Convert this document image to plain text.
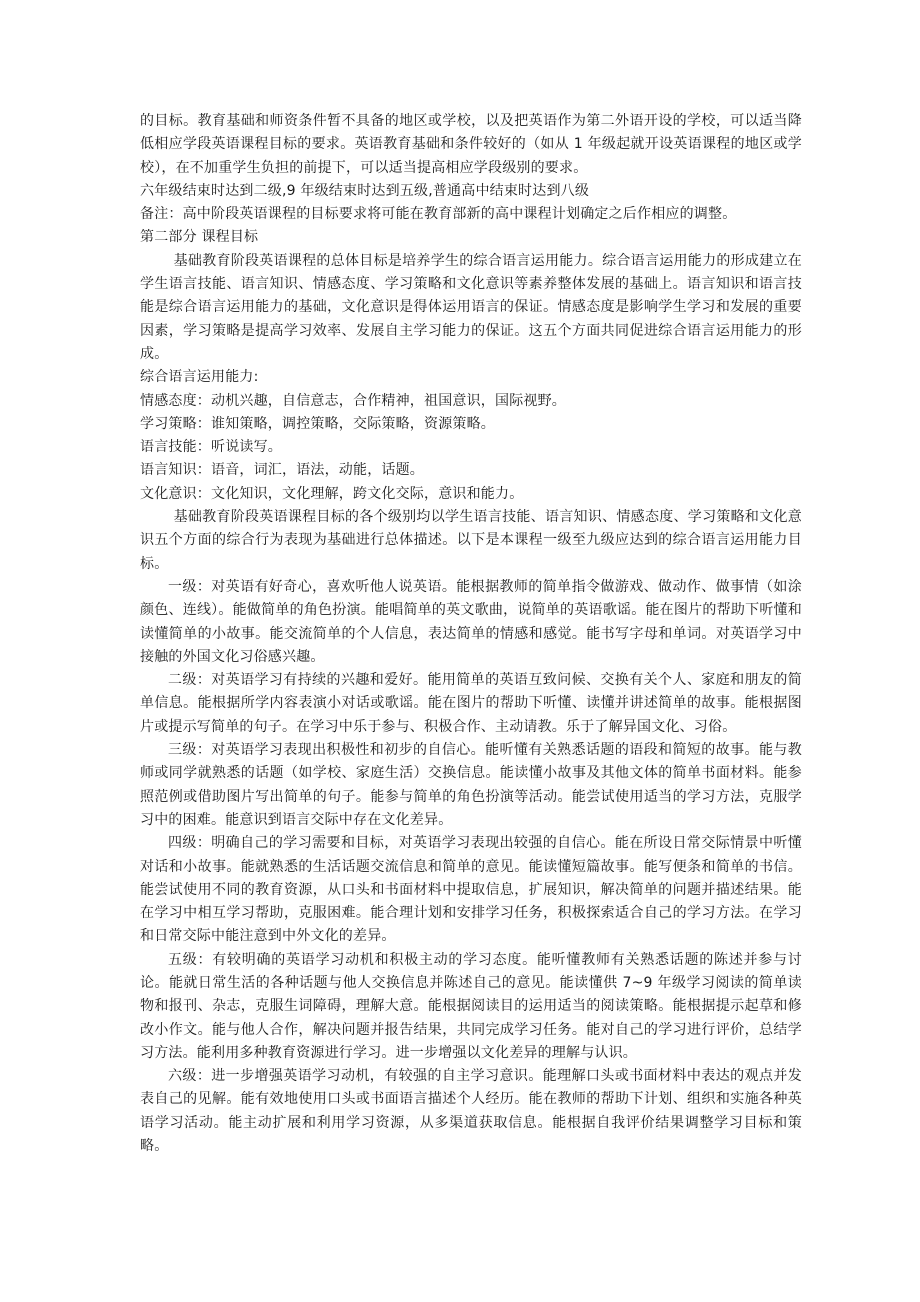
的目标。教育基础和师资条件暂不具备的地区或学校，以及把英语作为第二外语开设的学校，可以适当降低相应学段英语课程目标的要求。英语教育基础和条件较好的（如从 1 年级起就开设英语课程的地区或学校），在不加重学生负担的前提下，可以适当提高相应学段级别的要求。

六年级结束时达到二级,9 年级结束时达到五级,普通高中结束时达到八级

备注：高中阶段英语课程的目标要求将可能在教育部新的高中课程计划确定之后作相应的调整。

第二部分 课程目标

基础教育阶段英语课程的总体目标是培养学生的综合语言运用能力。综合语言运用能力的形成建立在学生语言技能、语言知识、情感态度、学习策略和文化意识等素养整体发展的基础上。语言知识和语言技能是综合语言运用能力的基础，文化意识是得体运用语言的保证。情感态度是影响学生学习和发展的重要因素，学习策略是提高学习效率、发展自主学习能力的保证。这五个方面共同促进综合语言运用能力的形成。

综合语言运用能力:

情感态度：动机兴趣，自信意志，合作精神，祖国意识，国际视野。

学习策略：谁知策略，调控策略，交际策略，资源策略。

语言技能：听说读写。

语言知识：语音，词汇，语法，动能，话题。

文化意识：文化知识，文化理解，跨文化交际，意识和能力。

基础教育阶段英语课程目标的各个级别均以学生语言技能、语言知识、情感态度、学习策略和文化意识五个方面的综合行为表现为基础进行总体描述。以下是本课程一级至九级应达到的综合语言运用能力目标。

一级：对英语有好奇心，喜欢听他人说英语。能根据教师的简单指令做游戏、做动作、做事情（如涂颜色、连线）。能做简单的角色扮演。能唱简单的英文歌曲，说简单的英语歌谣。能在图片的帮助下听懂和读懂简单的小故事。能交流简单的个人信息，表达简单的情感和感觉。能书写字母和单词。对英语学习中接触的外国文化习俗感兴趣。

二级：对英语学习有持续的兴趣和爱好。能用简单的英语互致问候、交换有关个人、家庭和朋友的简单信息。能根据所学内容表演小对话或歌谣。能在图片的帮助下听懂、读懂并讲述简单的故事。能根据图片或提示写简单的句子。在学习中乐于参与、积极合作、主动请教。乐于了解异国文化、习俗。

三级：对英语学习表现出积极性和初步的自信心。能听懂有关熟悉话题的语段和简短的故事。能与教师或同学就熟悉的话题（如学校、家庭生活）交换信息。能读懂小故事及其他文体的简单书面材料。能参照范例或借助图片写出简单的句子。能参与简单的角色扮演等活动。能尝试使用适当的学习方法，克服学习中的困难。能意识到语言交际中存在文化差异。

四级：明确自己的学习需要和目标，对英语学习表现出较强的自信心。能在所设日常交际情景中听懂对话和小故事。能就熟悉的生活话题交流信息和简单的意见。能读懂短篇故事。能写便条和简单的书信。能尝试使用不同的教育资源，从口头和书面材料中提取信息，扩展知识，解决简单的问题并描述结果。能在学习中相互学习帮助，克服困难。能合理计划和安排学习任务，积极探索适合自己的学习方法。在学习和日常交际中能注意到中外文化的差异。

五级：有较明确的英语学习动机和积极主动的学习态度。能听懂教师有关熟悉话题的陈述并参与讨论。能就日常生活的各种话题与他人交换信息并陈述自己的意见。能读懂供 7~9 年级学习阅读的简单读物和报刊、杂志，克服生词障碍，理解大意。能根据阅读目的运用适当的阅读策略。能根据提示起草和修改小作文。能与他人合作，解决问题并报告结果，共同完成学习任务。能对自己的学习进行评价，总结学习方法。能利用多种教育资源进行学习。进一步增强以文化差异的理解与认识。

六级：进一步增强英语学习动机，有较强的自主学习意识。能理解口头或书面材料中表达的观点并发表自己的见解。能有效地使用口头或书面语言描述个人经历。能在教师的帮助下计划、组织和实施各种英语学习活动。能主动扩展和利用学习资源，从多渠道获取信息。能根据自我评价结果调整学习目标和策略。
